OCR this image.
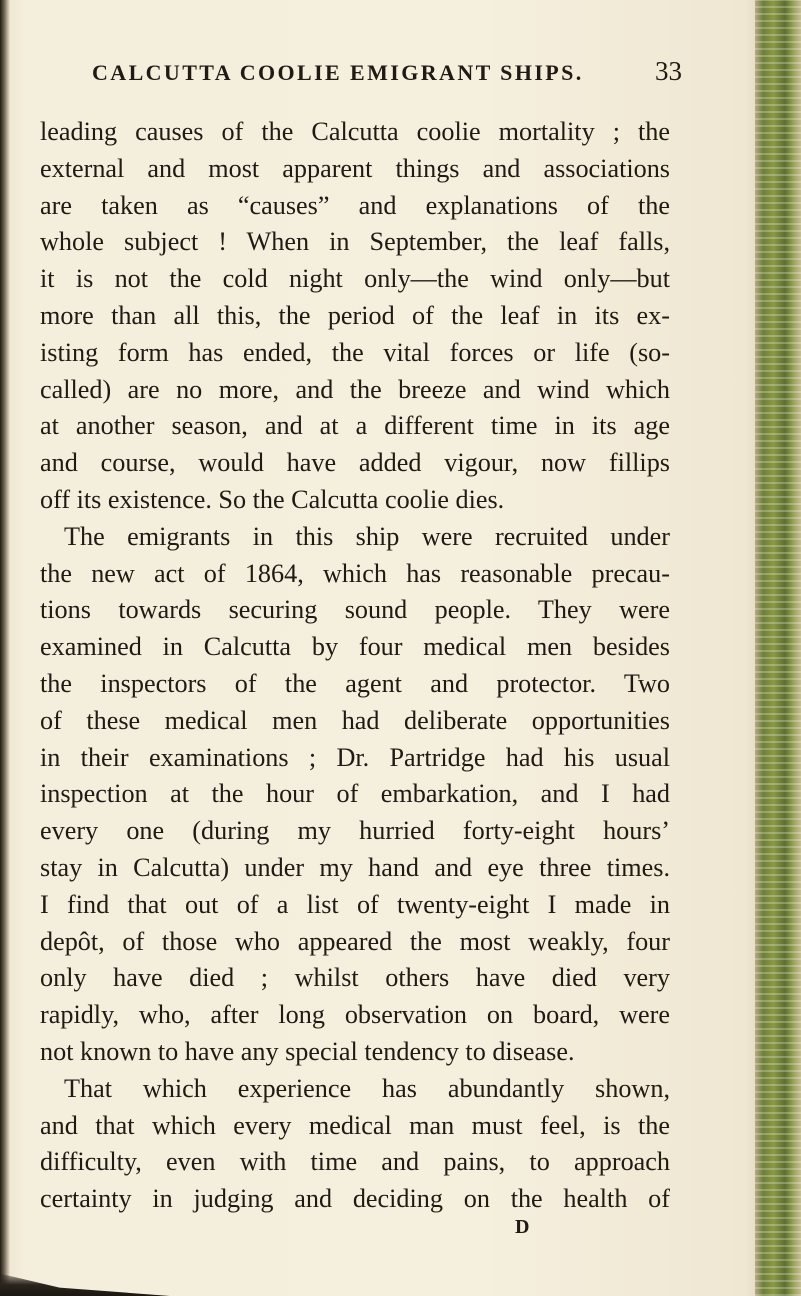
CALCUTTA COOLIE EMIGRANT SHIPS.	33
leading causes of the Calcutta coolie mortality ; the
external and most apparent things and associations
are taken as “causes” and explanations of the
whole subject ! When in September, the leaf falls,
it is not the cold night only—the wind only—but
more than all this, the period of the leaf in its ex-
isting form has ended, the vital forces or life (so-
called) are no more, and the breeze and wind which
at another season, and at a different time in its age
and course, would have added vigour, now fillips
off its existence. So the Calcutta coolie dies.
The emigrants in this ship were recruited under
the new act of 1864, which has reasonable precau-
tions towards securing sound people. They were
examined in Calcutta by four medical men besides
the inspectors of the agent and protector. Two
of these medical men had deliberate opportunities
in their examinations ; Dr. Partridge had his usual
inspection at the hour of embarkation, and I had
every one (during my hurried forty-eight hours’
stay in Calcutta) under my hand and eye three times.
I find that out of a list of twenty-eight I made in
depôt, of those who appeared the most weakly, four
only have died ; whilst others have died very
rapidly, who, after long observation on board, were
not known to have any special tendency to disease.
That which experience has abundantly shown,
and that which every medical man must feel, is the
difficulty, even with time and pains, to approach
certainty in judging and deciding on the health of
D
